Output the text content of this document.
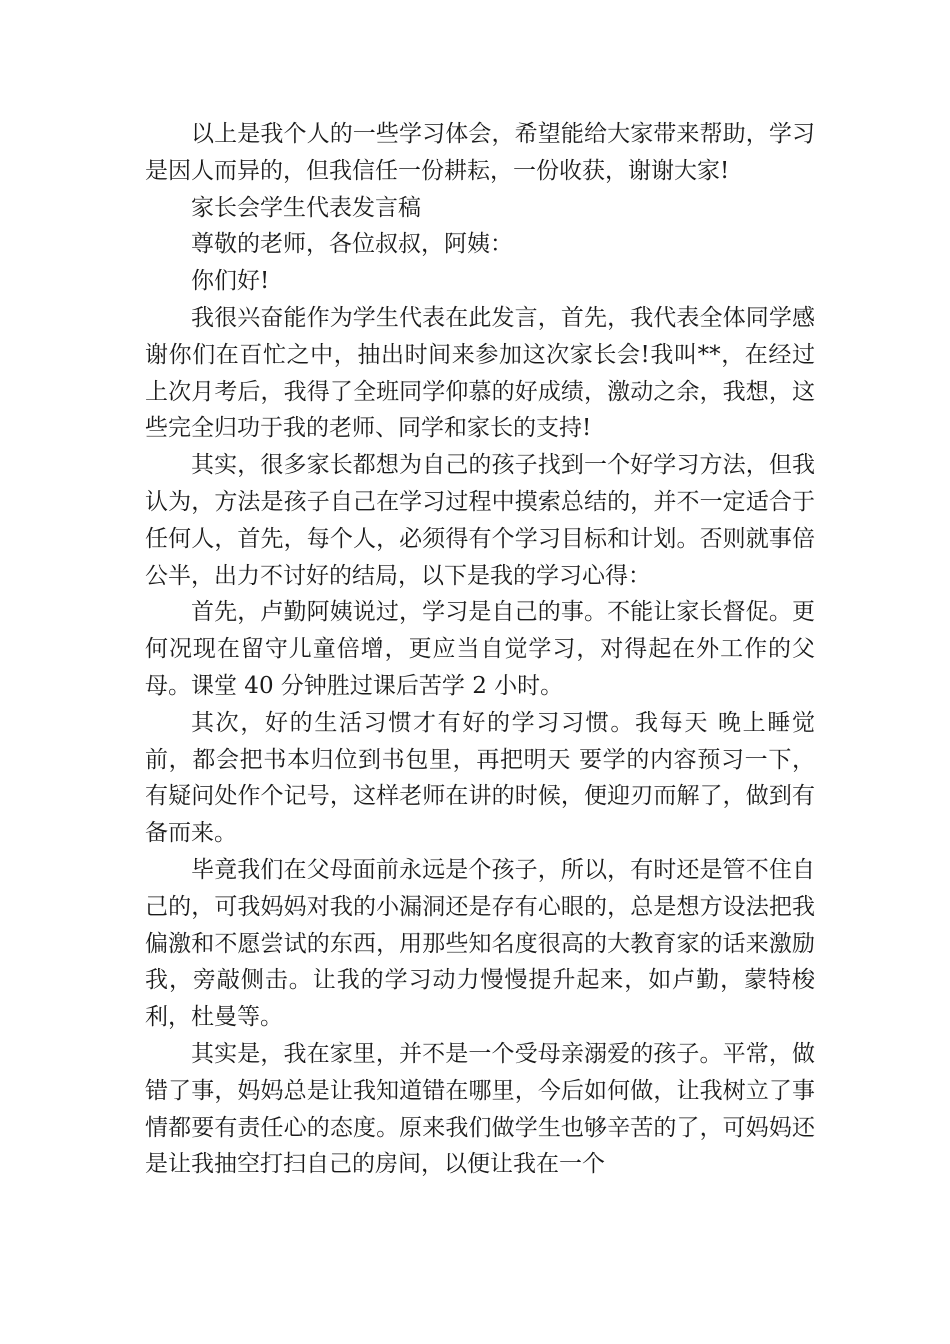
以上是我个人的一些学习体会，希望能给大家带来帮助，学习是因人而异的，但我信任一份耕耘，一份收获，谢谢大家!

家长会学生代表发言稿

尊敬的老师，各位叔叔，阿姨：

你们好!

我很兴奋能作为学生代表在此发言，首先，我代表全体同学感谢你们在百忙之中，抽出时间来参加这次家长会!我叫**，在经过上次月考后，我得了全班同学仰慕的好成绩，激动之余，我想，这些完全归功于我的老师、同学和家长的支持!

其实，很多家长都想为自己的孩子找到一个好学习方法，但我认为，方法是孩子自己在学习过程中摸索总结的，并不一定适合于任何人，首先，每个人，必须得有个学习目标和计划。否则就事倍公半，出力不讨好的结局，以下是我的学习心得：

首先，卢勤阿姨说过，学习是自己的事。不能让家长督促。更何况现在留守儿童倍增，更应当自觉学习，对得起在外工作的父母。课堂 40 分钟胜过课后苦学 2 小时。

其次，好的生活习惯才有好的学习习惯。我每天 晚上睡觉前，都会把书本归位到书包里，再把明天 要学的内容预习一下，有疑问处作个记号，这样老师在讲的时候，便迎刃而解了，做到有备而来。

毕竟我们在父母面前永远是个孩子，所以，有时还是管不住自己的，可我妈妈对我的小漏洞还是存有心眼的，总是想方设法把我偏激和不愿尝试的东西，用那些知名度很高的大教育家的话来激励我，旁敲侧击。让我的学习动力慢慢提升起来，如卢勤，蒙特梭利，杜曼等。

其实是，我在家里，并不是一个受母亲溺爱的孩子。平常，做错了事，妈妈总是让我知道错在哪里，今后如何做，让我树立了事情都要有责任心的态度。原来我们做学生也够辛苦的了，可妈妈还是让我抽空打扫自己的房间，以便让我在一个
